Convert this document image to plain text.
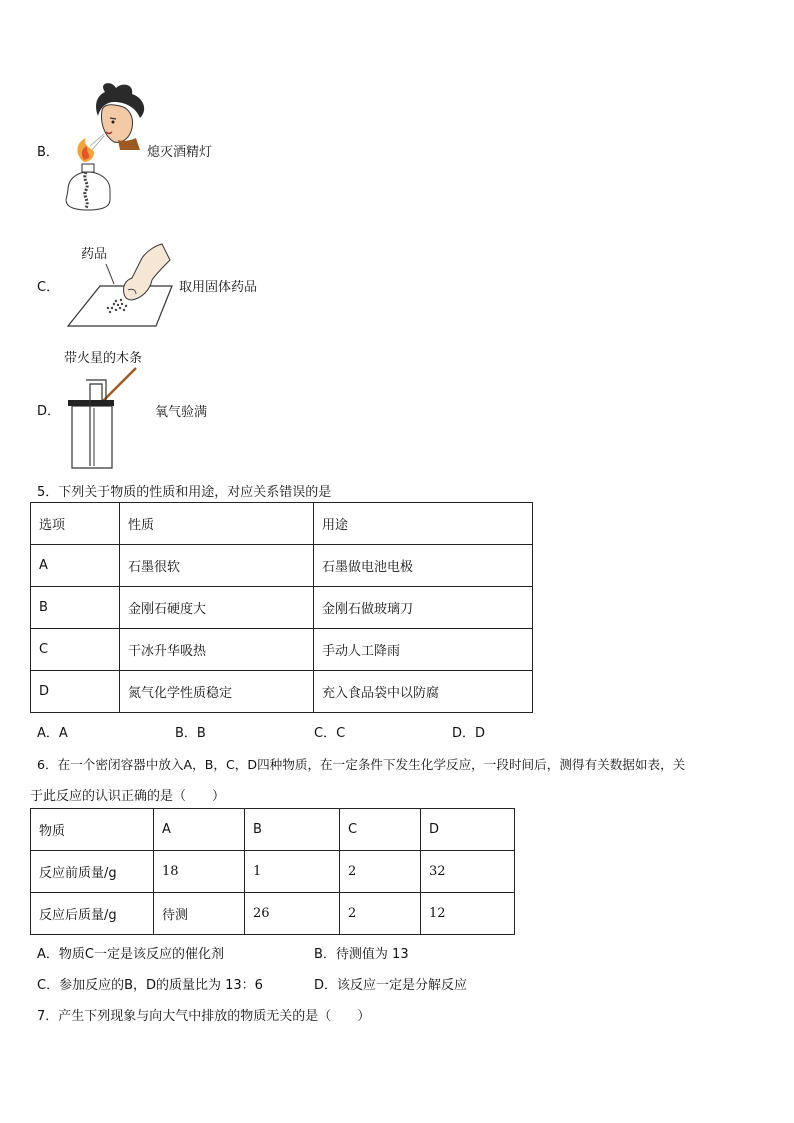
B．	熄灭酒精灯
药品
C．	取用固体药品
带火星的木条
D．	氧气验满
5．下列关于物质的性质和用途，对应关系错误的是
选项	性质	用途
A	石墨很软	石墨做电池电极
B	金刚石硬度大	金刚石做玻璃刀
C	干冰升华吸热	手动人工降雨
D	氮气化学性质稳定	充入食品袋中以防腐
A．A	B．B	C．C	D．D
6．在一个密闭容器中放入A，B，C，D四种物质，在一定条件下发生化学反应，一段时间后，测得有关数据如表，关
于此反应的认识正确的是（　　）
物质	A	B	C	D
反应前质量/g	18	1	2	32
反应后质量/g	待测	26	2	12
A．物质C一定是该反应的催化剂	B．待测值为 13
C．参加反应的B，D的质量比为 13：6	D．该反应一定是分解反应
7．产生下列现象与向大气中排放的物质无关的是（　　）
